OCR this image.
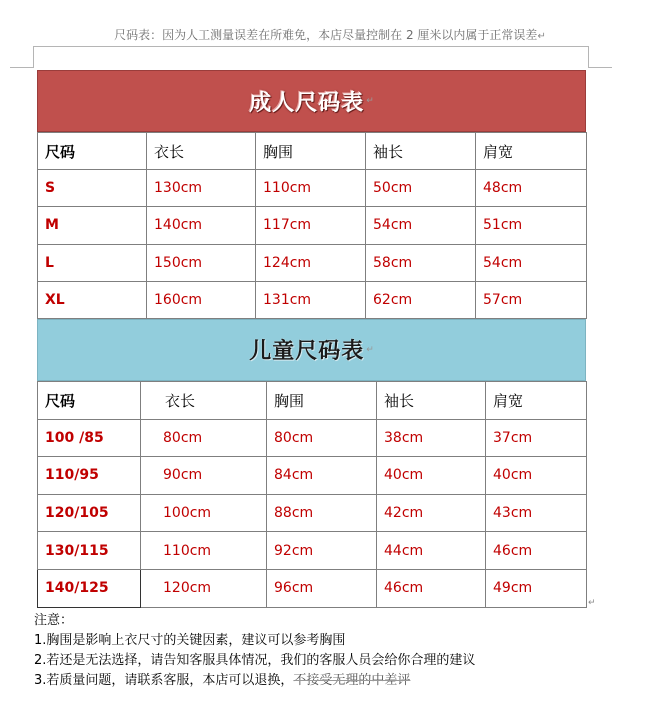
尺码表：因为人工测量误差在所难免，本店尽量控制在 2 厘米以内属于正常误差↵
成人尺码表 ↵
尺码	衣长	胸围	袖长	肩宽
S	130cm	110cm	50cm	48cm
M	140cm	117cm	54cm	51cm
L	150cm	124cm	58cm	54cm
XL	160cm	131cm	62cm	57cm
儿童尺码表 ↵
尺码	衣长	胸围	袖长	肩宽
100 /85	80cm	80cm	38cm	37cm
110/95	90cm	84cm	40cm	40cm
120/105	100cm	88cm	42cm	43cm
130/115	110cm	92cm	44cm	46cm
140/125	120cm	96cm	46cm	49cm
↵
注意：
1.胸围是影响上衣尺寸的关键因素，建议可以参考胸围
2.若还是无法选择，请告知客服具体情况，我们的客服人员会给你合理的建议
3.若质量问题，请联系客服，本店可以退换，不接受无理的中差评
